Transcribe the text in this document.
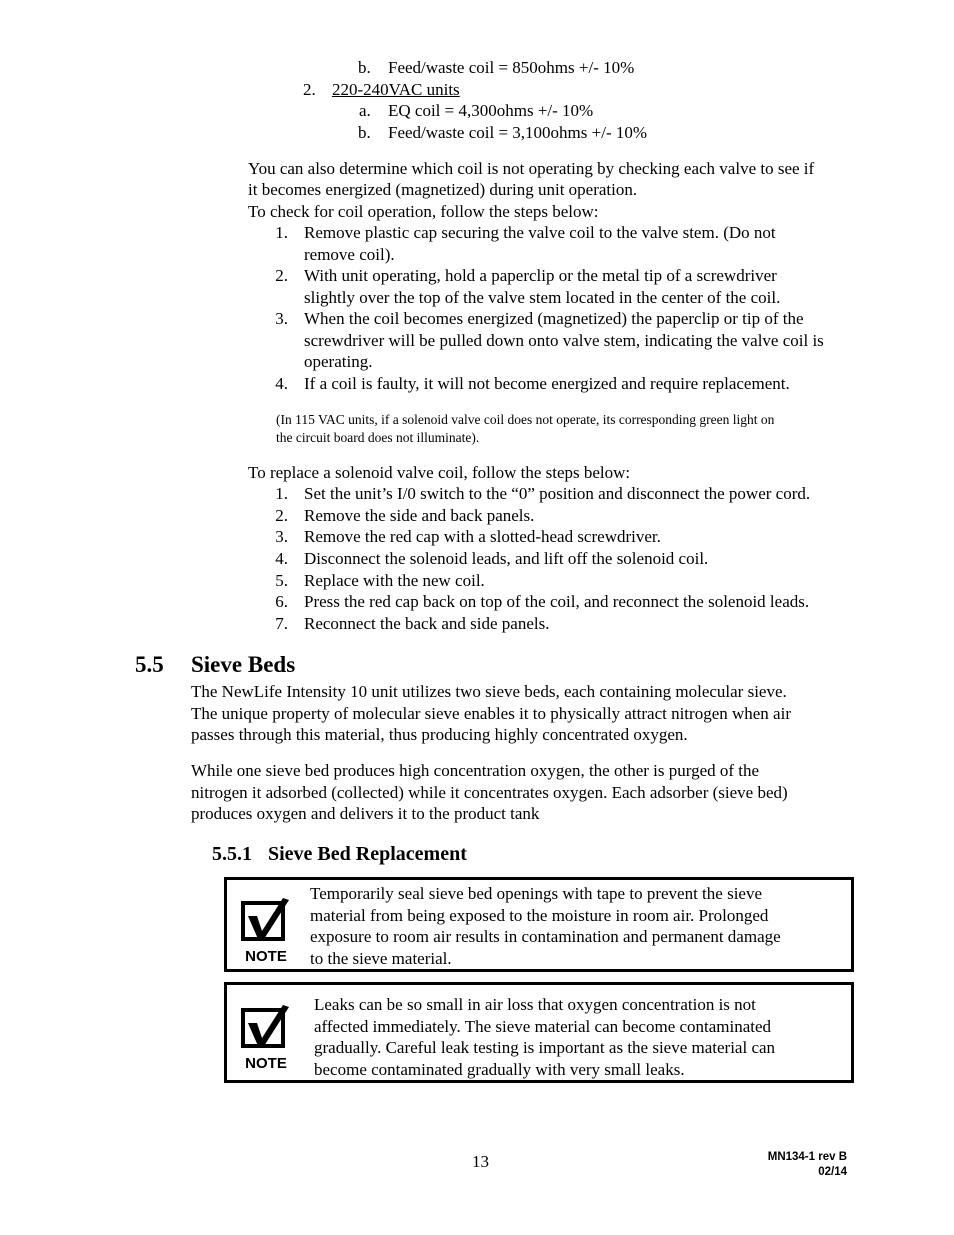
b. Feed/waste coil = 850ohms +/- 10%
2. 220-240VAC units
a. EQ coil = 4,300ohms +/- 10%
b. Feed/waste coil = 3,100ohms +/- 10%
You can also determine which coil is not operating by checking each valve to see if
it becomes energized (magnetized) during unit operation.
To check for coil operation, follow the steps below:
1. Remove plastic cap securing the valve coil to the valve stem. (Do not
remove coil).
2. With unit operating, hold a paperclip or the metal tip of a screwdriver
slightly over the top of the valve stem located in the center of the coil.
3. When the coil becomes energized (magnetized) the paperclip or tip of the
screwdriver will be pulled down onto valve stem, indicating the valve coil is
operating.
4. If a coil is faulty, it will not become energized and require replacement.
(In 115 VAC units, if a solenoid valve coil does not operate, its corresponding green light on
the circuit board does not illuminate).
To replace a solenoid valve coil, follow the steps below:
1. Set the unit’s I/0 switch to the “0” position and disconnect the power cord.
2. Remove the side and back panels.
3. Remove the red cap with a slotted-head screwdriver.
4. Disconnect the solenoid leads, and lift off the solenoid coil.
5. Replace with the new coil.
6. Press the red cap back on top of the coil, and reconnect the solenoid leads.
7. Reconnect the back and side panels.
5.5 Sieve Beds
The NewLife Intensity 10 unit utilizes two sieve beds, each containing molecular sieve.
The unique property of molecular sieve enables it to physically attract nitrogen when air
passes through this material, thus producing highly concentrated oxygen.
While one sieve bed produces high concentration oxygen, the other is purged of the
nitrogen it adsorbed (collected) while it concentrates oxygen. Each adsorber (sieve bed)
produces oxygen and delivers it to the product tank
5.5.1 Sieve Bed Replacement
NOTE
Temporarily seal sieve bed openings with tape to prevent the sieve
material from being exposed to the moisture in room air. Prolonged
exposure to room air results in contamination and permanent damage
to the sieve material.
NOTE
Leaks can be so small in air loss that oxygen concentration is not
affected immediately. The sieve material can become contaminated
gradually. Careful leak testing is important as the sieve material can
become contaminated gradually with very small leaks.
13	MN134-1 rev B
02/14
